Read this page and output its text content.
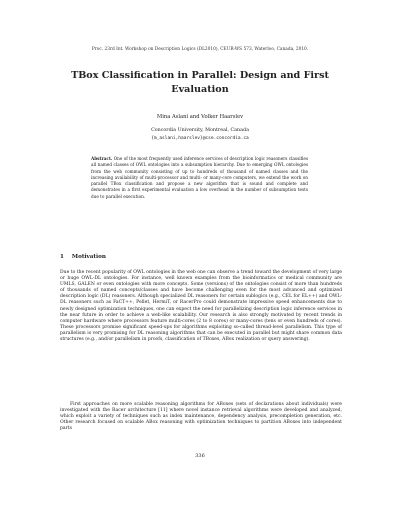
Proc. 23rd Int. Workshop on Description Logics (DL2010), CEUR-WS 573, Waterloo, Canada, 2010.
TBox Classification in Parallel: Design and First
Evaluation
Mina Aslani and Volker Haarslev
Concordia University, Montreal, Canada
{m_aslani,haarslev}@cse.concordia.ca

Abstract. One of the most frequently used inference services of description logic reasoners classifies all named classes of OWL ontologies into a subsumption hierarchy. Due to emerging OWL ontologies from the web community consisting of up to hundreds of thousand of named classes and the increasing availability of multi-processor and multi- or many-core computers, we extend the work on parallel TBox classification and propose a new algorithm that is sound and complete and demonstrates in a first experimental evaluation a low overhead in the number of subsumption tests due to parallel execution.

1 Motivation

Due to the recent popularity of OWL ontologies in the web one can observe a trend toward the development of very large or huge OWL-DL ontologies. For instance, well known examples from the bioinformatics or medical community are UMLS, GALEN or even ontologies with more concepts. Some (versions) of the ontologies consist of more than hundreds of thousands of named concepts/classes and have become challenging even for the most advanced and optimized description logic (DL) reasoners. Although specialized DL reasoners for certain sublogics (e.g., CEL for EL++) and OWL-DL reasoners such as FaCT++, Pellet, HermiT, or RacerPro could demonstrate impressive speed enhancements due to newly designed optimization techniques, one can expect the need for parallelizing description logic inference services in the near future in order to achieve a web-like scalability. Our research is also strongly motivated by recent trends in computer hardware where processors feature multi-cores (2 to 8 cores) or many-cores (tens or even hundreds of cores). These processors promise significant speed-ups for algorithms exploiting so-called thread-level parallelism. This type of parallelism is very promising for DL reasoning algorithms that can be executed in parallel but might share common data structures (e.g., and/or parallelism in proofs, classification of TBoxes, ABox realization or query answering).

First approaches on more scalable reasoning algorithms for ABoxes (sets of declarations about individuals) were investigated with the Racer architecture [11] where novel instance retrieval algorithms were developed and analyzed, which exploit a variety of techniques such as index maintenance, dependency analysis, precompletion generation, etc. Other research focused on scalable ABox reasoning with optimization techniques to partition ABoxes into independent parts

336
